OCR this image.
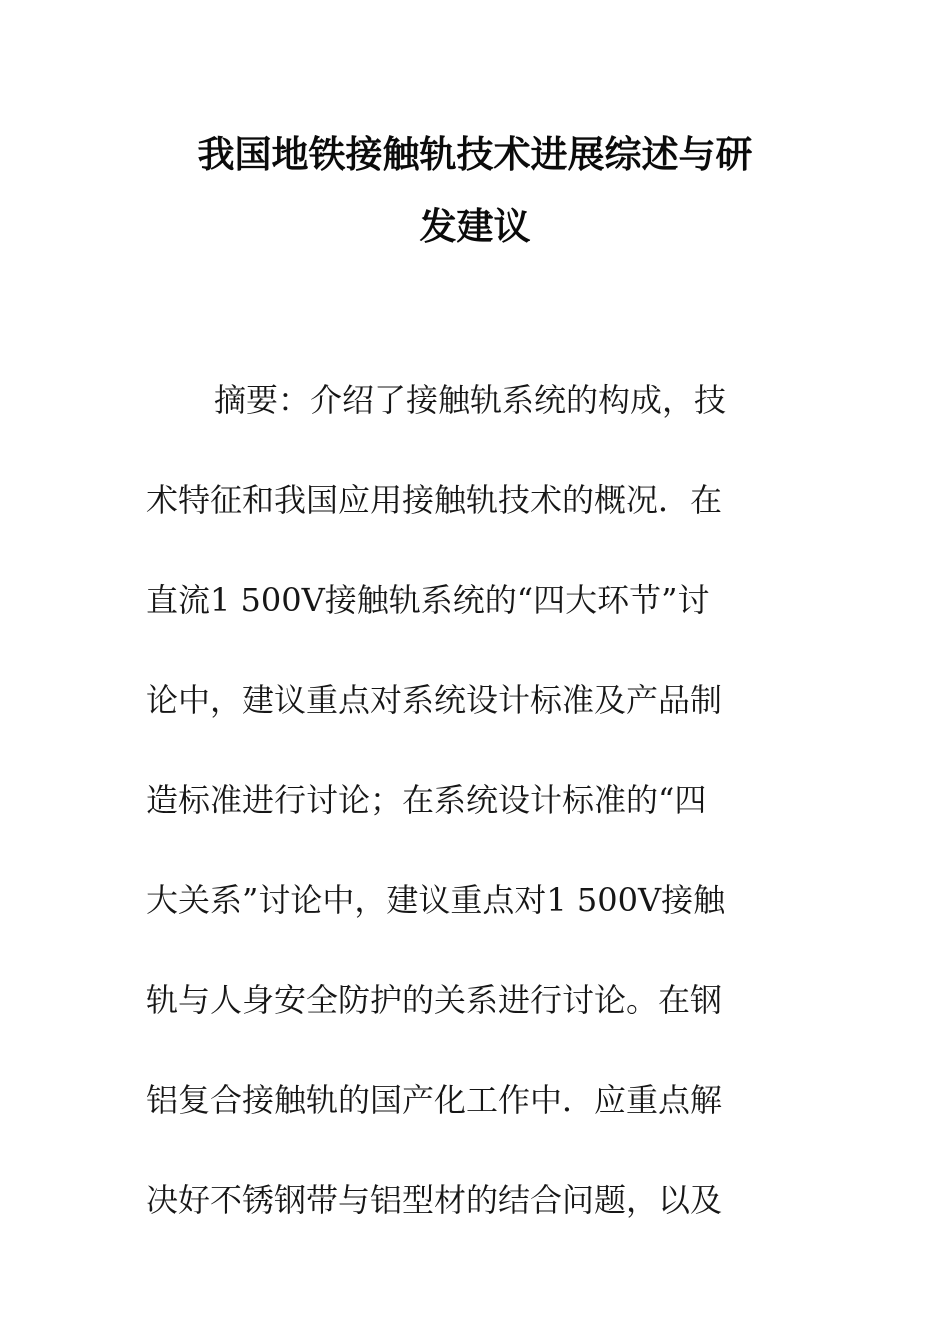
我国地铁接触轨技术进展综述与研
发建议
摘要：介绍了接触轨系统的构成，技
术特征和我国应用接触轨技术的概况．在
直流1 500V接触轨系统的“四大环节”讨
论中，建议重点对系统设计标准及产品制
造标准进行讨论；在系统设计标准的“四
大关系”讨论中，建议重点对1 500V接触
轨与人身安全防护的关系进行讨论。在钢
铝复合接触轨的国产化工作中．应重点解
决好不锈钢带与铝型材的结合问题，以及
